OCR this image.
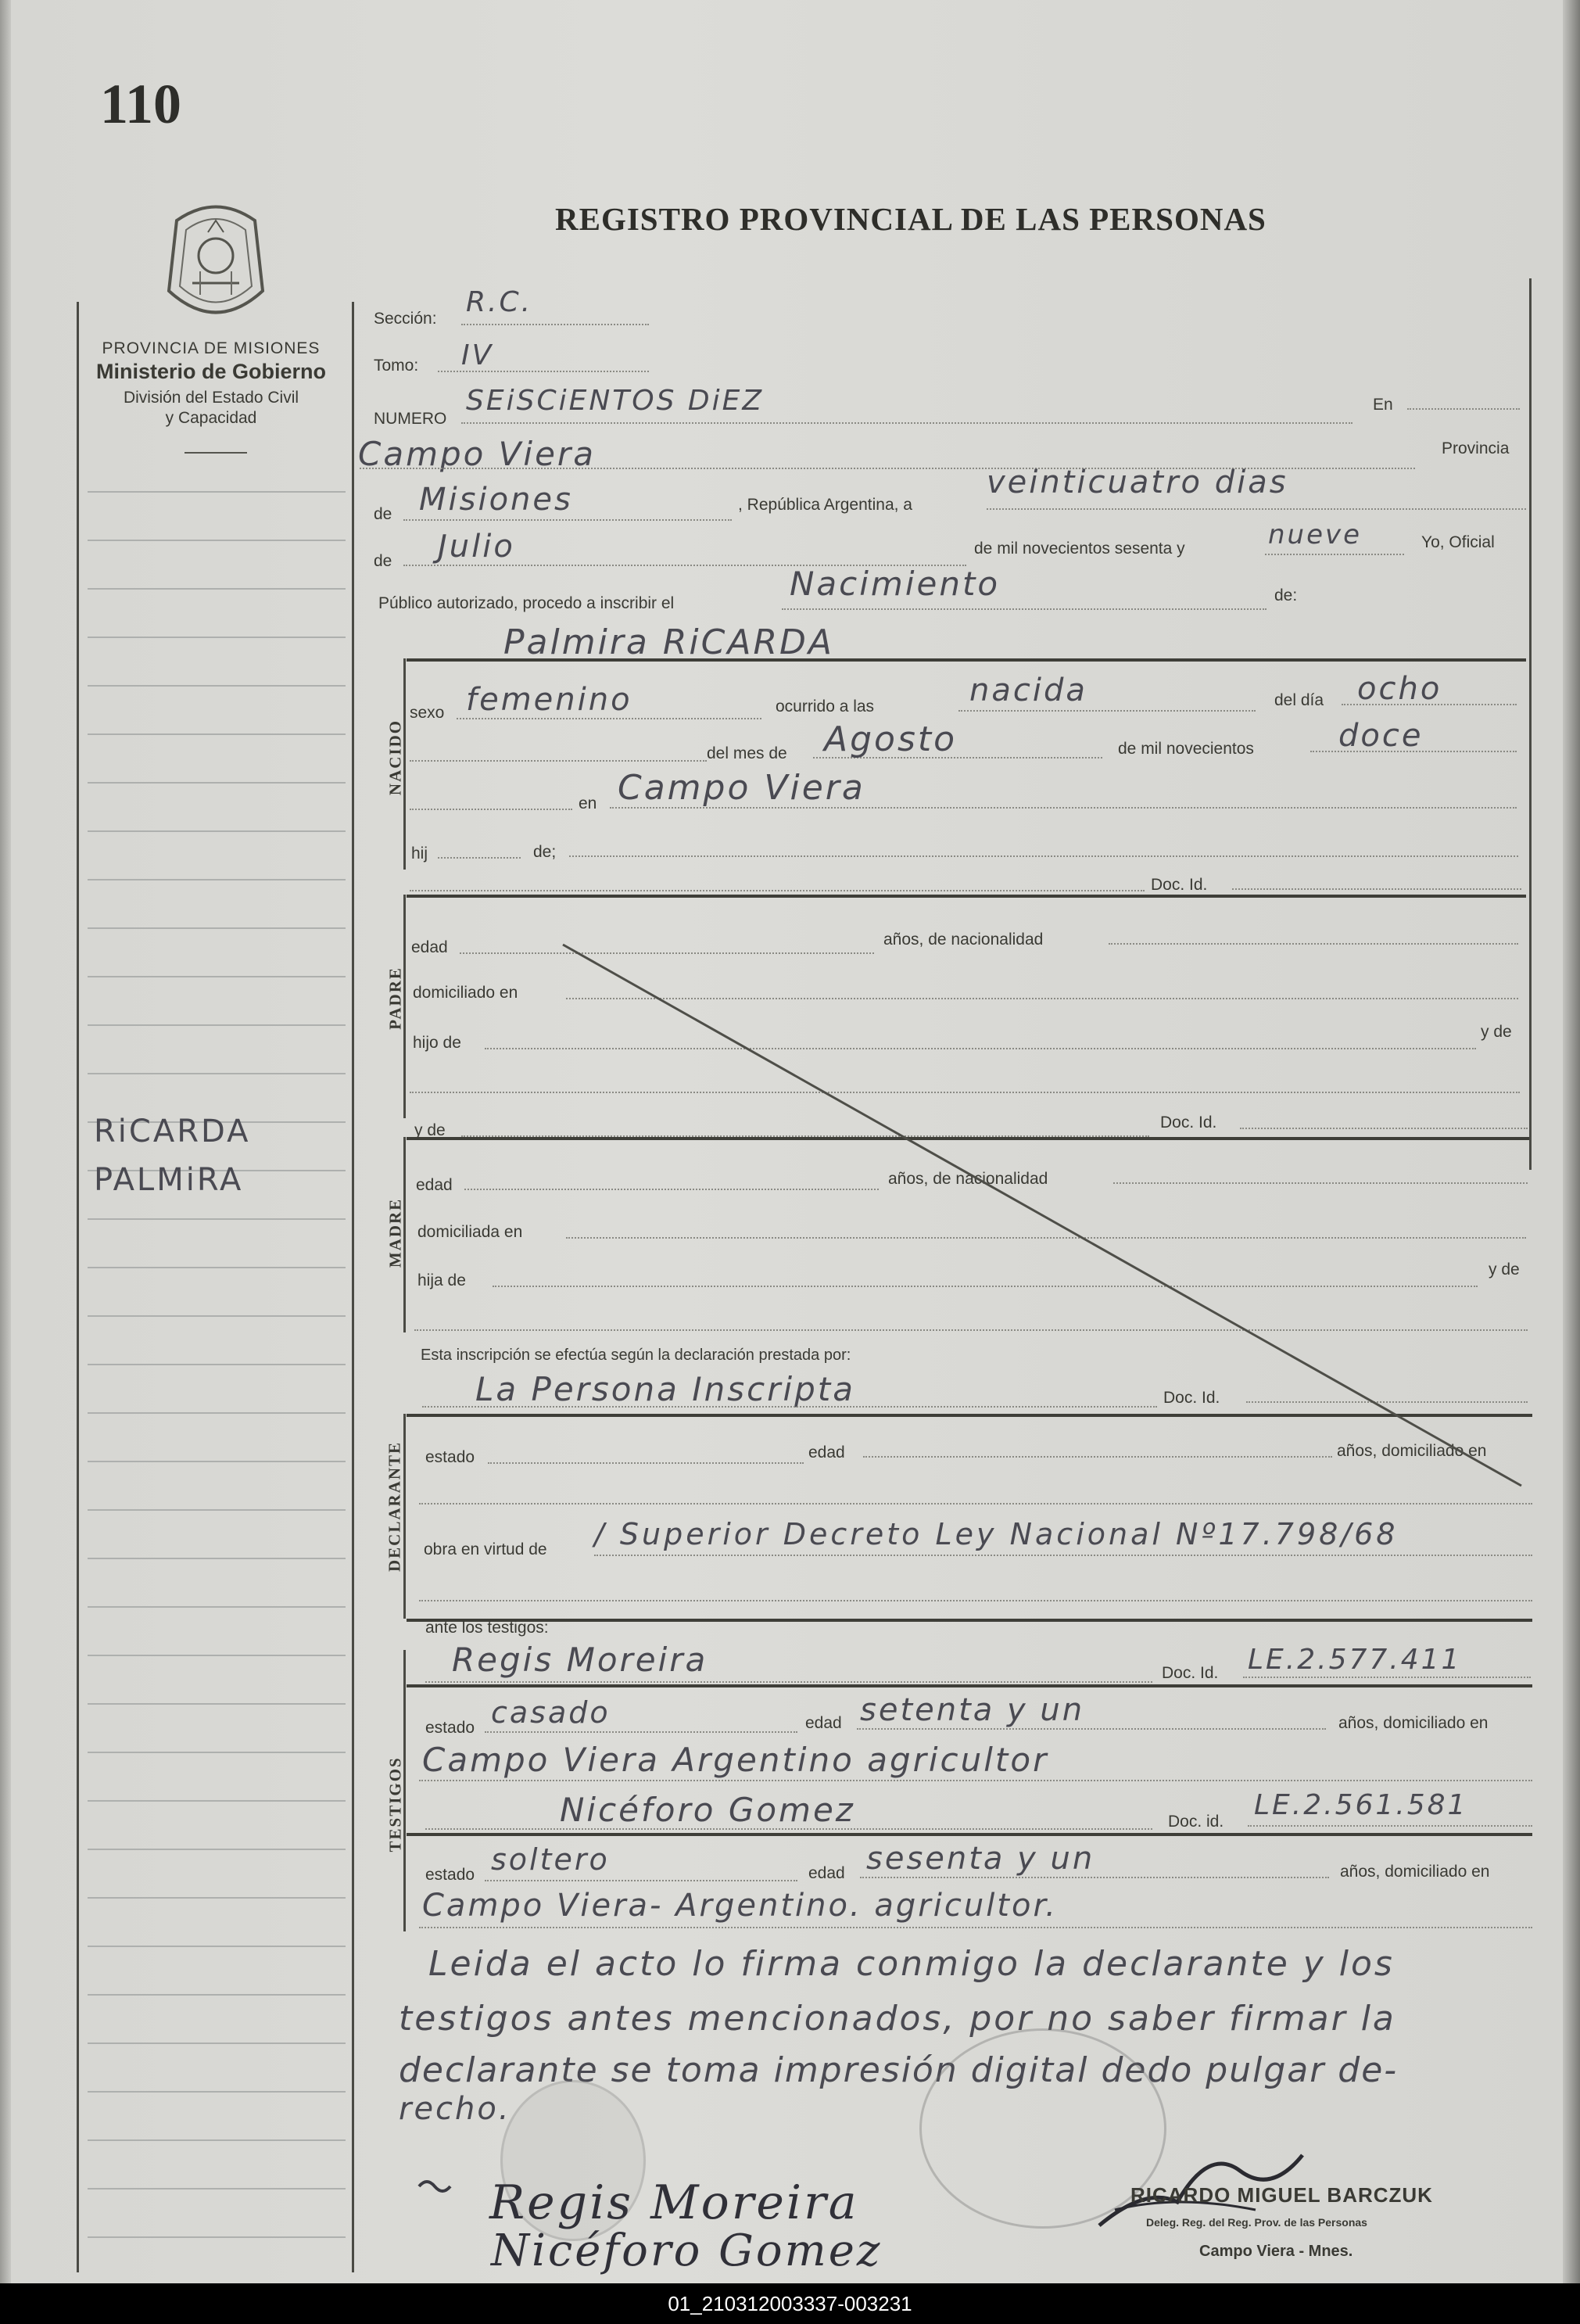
110
PROVINCIA DE MISIONES
Ministerio de Gobierno
División del Estado Civil
y Capacidad
REGISTRO PROVINCIAL DE LAS PERSONAS
RiCARDA
PALMiRA
Sección:
R.C.
Tomo: IV
NUMERO
SEiSCiENTOS DiEZ	En
Campo Viera	Provincia
de Misiones	, República Argentina, a
veinticuatro dias
de Julio	de mil novecientos sesenta y	nueve	Yo, Oficial
Público autorizado, procedo a inscribir el
Nacimiento	de:
Palmira RiCARDA
NACIDO
sexo femenino	ocurrido a las	nacida	del día ocho
del mes de Agosto	de mil novecientos	doce
en Campo Viera
hij	de;
Doc. Id.
PADRE
edad	años, de nacionalidad
domiciliado en
hijo de
y de
y de	Doc. Id.
MADRE
edad	años, de nacionalidad
domiciliada en
hija de
y de
Esta inscripción se efectúa según la declaración prestada por:
La Persona Inscripta	Doc. Id.
DECLARANTE estado	edad	años, domiciliado en
obra en virtud de / Superior Decreto Ley Nacional Nº17.798/68
ante los testigos:
TESTIGOS
Regis Moreira	Doc. Id. LE.2.577.411
estado casado	edad setenta y un	años, domiciliado en
Campo Viera Argentino agricultor
Nicéforo Gomez	Doc. id.
LE.2.561.581
estado soltero	edad sesenta y un	años, domiciliado en
Campo Viera- Argentino. agricultor.
Leida el acto lo firma conmigo la declarante y los
testigos antes mencionados, por no saber firmar la
declarante se toma impresión digital dedo pulgar de-
recho.
Regis Moreira
Nicéforo Gomez
RICARDO MIGUEL BARCZUK
Deleg. Reg. del Reg. Prov. de las Personas
Campo Viera - Mnes.
01_210312003337-003231
